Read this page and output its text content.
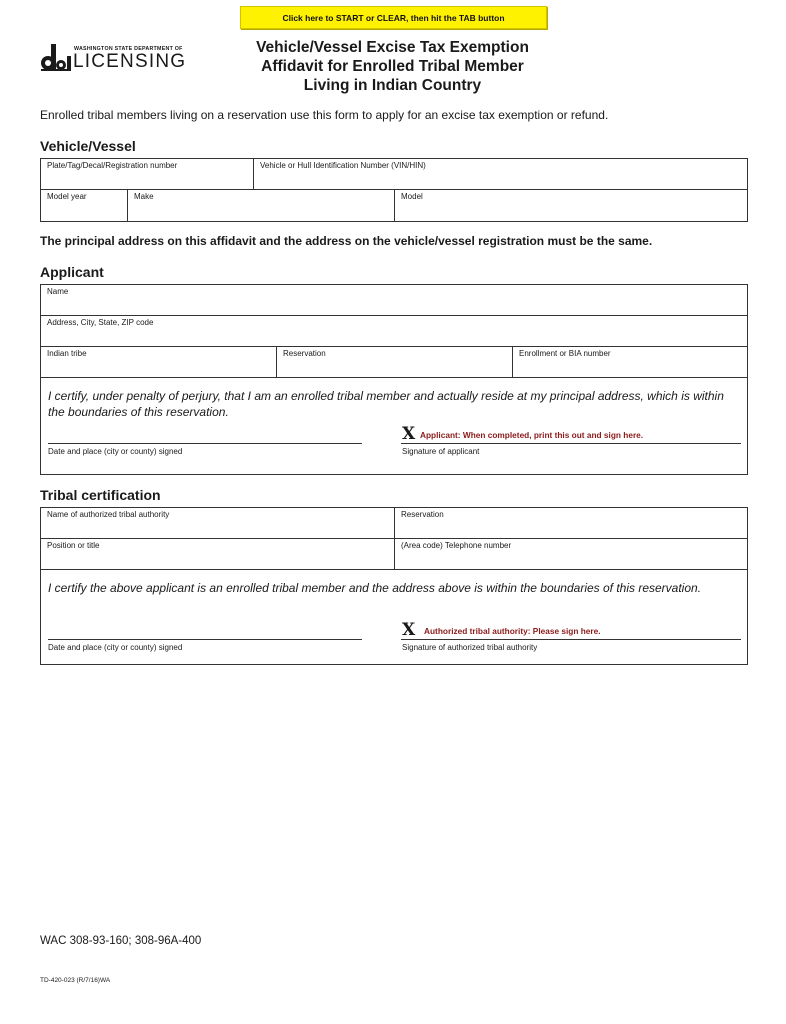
Click here to START or CLEAR, then hit the TAB button
WASHINGTON STATE DEPARTMENT OF
LICENSING
Vehicle/Vessel Excise Tax Exemption
Affidavit for Enrolled Tribal Member
Living in Indian Country
Enrolled tribal members living on a reservation use this form to apply for an excise tax exemption or refund.
Vehicle/Vessel
Plate/Tag/Decal/Registration number	Vehicle or Hull Identification Number (VIN/HIN)
Model year	Make	Model
The principal address on this affidavit and the address on the vehicle/vessel registration must be the same.
Applicant
Name
Address, City, State, ZIP code
Indian tribe	Reservation	Enrollment or BIA number
I certify, under penalty of perjury, that I am an enrolled tribal member and actually reside at my principal address, which is within the boundaries of this reservation.
Date and place (city or county) signed
X Applicant: When completed, print this out and sign here.
Signature of applicant
Tribal certification
Name of authorized tribal authority	Reservation
Position or title	(Area code) Telephone number
I certify the above applicant is an enrolled tribal member and the address above is within the boundaries of this reservation.
Date and place (city or county) signed
X Authorized tribal authority: Please sign here.
Signature of authorized tribal authority
WAC 308-93-160; 308-96A-400
TD-420-023 (R/7/16)WA
